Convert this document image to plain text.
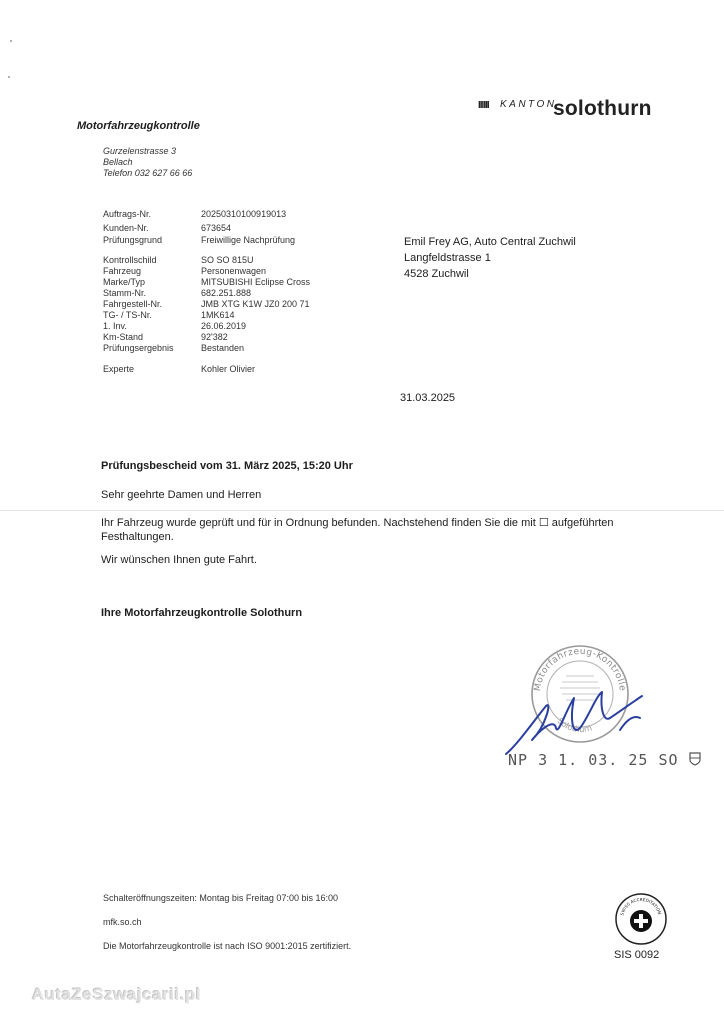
IIIIII KANTON
solothurn
Motorfahrzeugkontrolle
Gurzelenstrasse 3
Bellach
Telefon 032 627 66 66
Auftrags-Nr.	20250310100919013
Kunden-Nr.	673654
Prüfungsgrund	Freiwillige Nachprüfung
Kontrollschild	SO SO 815U
Fahrzeug	Personenwagen
Marke/Typ	MITSUBISHI Eclipse Cross
Stamm-Nr.	682.251.888
Fahrgestell-Nr.	JMB XTG K1W JZ0 200 71
TG- / TS-Nr.	1MK614
1. Inv.	26.06.2019
Km-Stand	92'382
Prüfungsergebnis	Bestanden
Experte	Kohler Olivier
Emil Frey AG, Auto Central Zuchwil
Langfeldstrasse 1
4528 Zuchwil
31.03.2025
Prüfungsbescheid vom 31. März 2025, 15:20 Uhr
Sehr geehrte Damen und Herren
Ihr Fahrzeug wurde geprüft und für in Ordnung befunden. Nachstehend finden Sie die mit ☐ aufgeführten
Festhaltungen.
Wir wünschen Ihnen gute Fahrt.
Ihre Motorfahrzeugkontrolle Solothurn
Motorfahrzeug-Kontrolle
Solothurn
NP 3 1. 03. 25 SO
Schalteröffnungszeiten: Montag bis Freitag 07:00 bis 16:00
mfk.so.ch
Die Motorfahrzeugkontrolle ist nach ISO 9001:2015 zertifiziert.
SWISS ACCREDITATION
SIS 0092
AutaZeSzwajcarii.pl
